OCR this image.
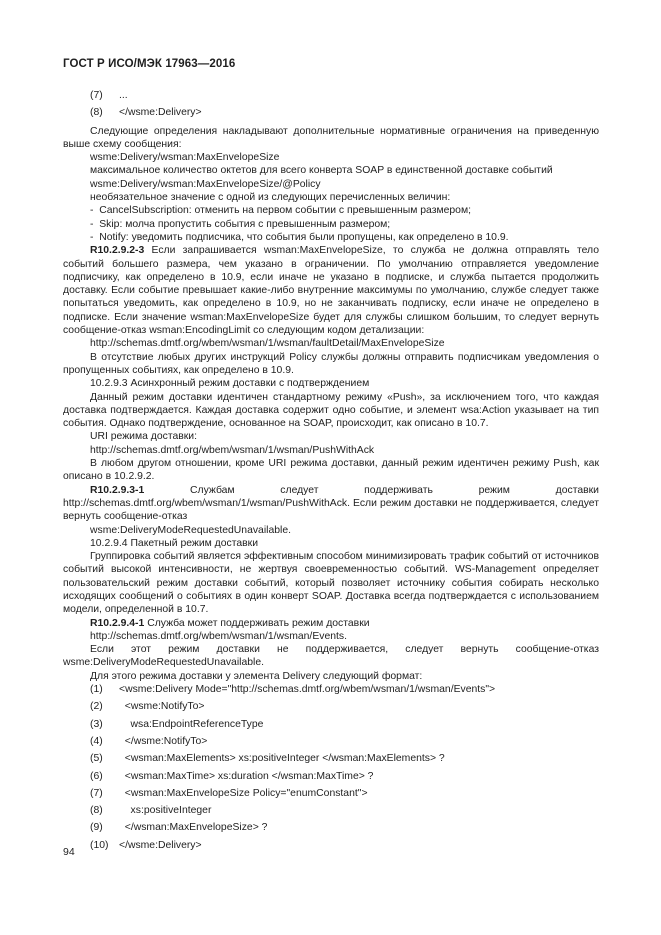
ГОСТ Р ИСО/МЭК 17963—2016
(7) ...
(8) </wsme:Delivery>

Следующие определения накладывают дополнительные нормативные ограничения на приведенную выше схему сообщения:

wsme:Delivery/wsman:MaxEnvelopeSize
максимальное количество октетов для всего конверта SOAP в единственной доставке событий
wsme:Delivery/wsman:MaxEnvelopeSize/@Policy
необязательное значение с одной из следующих перечисленных величин:
-  CancelSubscription: отменить на первом событии с превышенным размером;
-  Skip: молча пропустить события с превышенным размером;
-  Notify: уведомить подписчика, что события были пропущены, как определено в 10.9.

R10.2.9.2-3 Если запрашивается wsman:MaxEnvelopeSize, то служба не должна отправлять тело событий большего размера, чем указано в ограничении. По умолчанию отправляется уведомление подписчику, как определено в 10.9, если иначе не указано в подписке, и служба пытается продолжить доставку. Если событие превышает какие-либо внутренние максимумы по умолчанию, службе следует также попытаться уведомить, как определено в 10.9, но не заканчивать подписку, если иначе не определено в подписке. Если значение wsman:MaxEnvelopeSize будет для службы слишком большим, то следует вернуть сообщение-отказ wsman:EncodingLimit со следующим кодом детализации:

http://schemas.dmtf.org/wbem/wsman/1/wsman/faultDetail/MaxEnvelopeSize

В отсутствие любых других инструкций Policy службы должны отправить подписчикам уведомления о пропущенных событиях, как определено в 10.9.

10.2.9.3 Асинхронный режим доставки с подтверждением

Данный режим доставки идентичен стандартному режиму «Push», за исключением того, что каждая доставка подтверждается. Каждая доставка содержит одно событие, и элемент wsa:Action указывает на тип события. Однако подтверждение, основанное на SOAP, происходит, как описано в 10.7.

URI режима доставки:
http://schemas.dmtf.org/wbem/wsman/1/wsman/PushWithAck

В любом другом отношении, кроме URI режима доставки, данный режим идентичен режиму Push, как описано в 10.2.9.2.

R10.2.9.3-1 Службам следует поддерживать режим доставки http://schemas.dmtf.org/wbem/wsman/1/wsman/PushWithAck. Если режим доставки не поддерживается, следует вернуть сообщение-отказ

wsme:DeliveryModeRequestedUnavailable.
10.2.9.4 Пакетный режим доставки

Группировка событий является эффективным способом минимизировать трафик событий от источников событий высокой интенсивности, не жертвуя своевременностью событий. WS-Management определяет пользовательский режим доставки событий, который позволяет источнику события собирать несколько исходящих сообщений о событиях в один конверт SOAP. Доставка всегда подтверждается с использованием модели, определенной в 10.7.

R10.2.9.4-1 Служба может поддерживать режим доставки

http://schemas.dmtf.org/wbem/wsman/1/wsman/Events.

Если этот режим доставки не поддерживается, следует вернуть сообщение-отказ wsme:DeliveryModeRequestedUnavailable.

Для этого режима доставки у элемента Delivery следующий формат:
(1) <wsme:Delivery Mode="http://schemas.dmtf.org/wbem/wsman/1/wsman/Events">
(2)  <wsme:NotifyTo>
(3)    wsa:EndpointReferenceType
(4)  </wsme:NotifyTo>
(5)  <wsman:MaxElements> xs:positiveInteger </wsman:MaxElements> ?
(6)  <wsman:MaxTime> xs:duration </wsman:MaxTime> ?
(7)  <wsman:MaxEnvelopeSize Policy="enumConstant">
(8)    xs:positiveInteger
(9)  </wsman:MaxEnvelopeSize> ?
(10) </wsme:Delivery>
94
